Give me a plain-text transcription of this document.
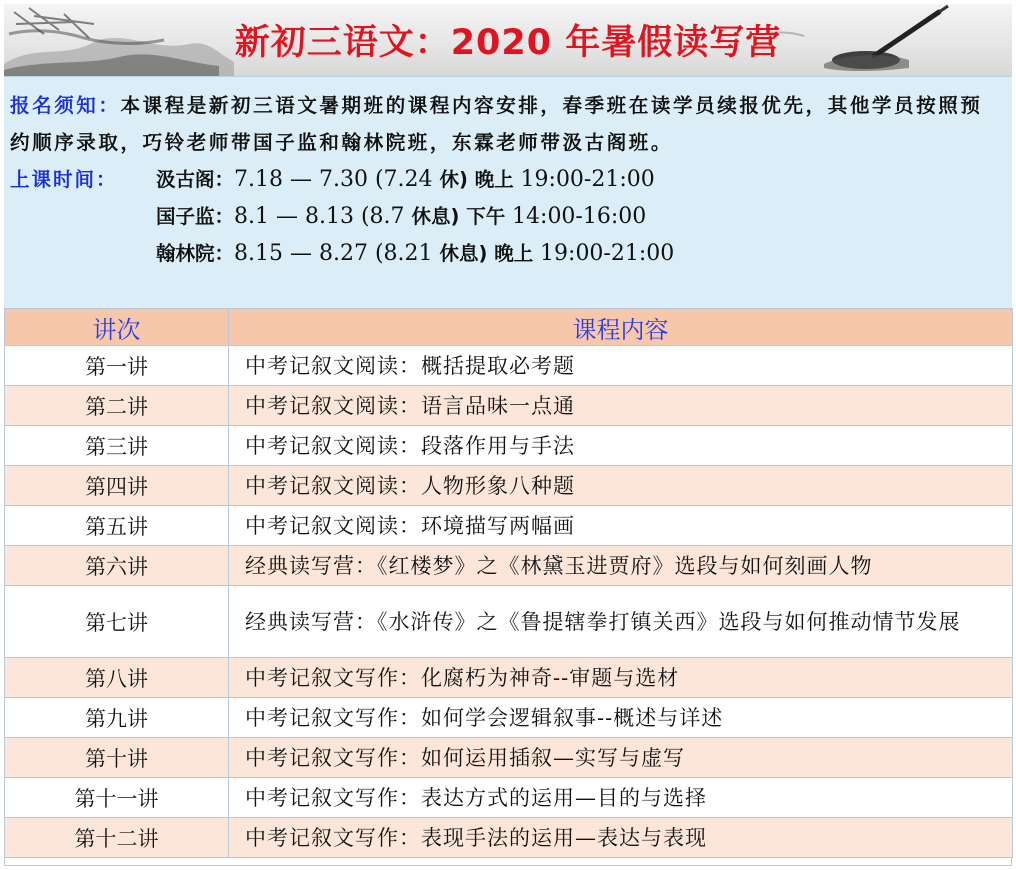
新初三语文：2020 年暑假读写营

报名须知：本课程是新初三语文暑期班的课程内容安排，春季班在读学员续报优先，其他学员按照预约顺序录取，巧铃老师带国子监和翰林院班，东霖老师带汲古阁班。

上课时间： 汲古阁：7.18 — 7.30 (7.24 休) 晚上 19:00-21:00
国子监：8.1 — 8.13 (8.7 休息) 下午 14:00-16:00
翰林院：8.15 — 8.27 (8.21 休息) 晚上 19:00-21:00
讲次	课程内容
第一讲	中考记叙文阅读：概括提取必考题
第二讲	中考记叙文阅读：语言品味一点通
第三讲	中考记叙文阅读：段落作用与手法
第四讲	中考记叙文阅读：人物形象八种题
第五讲	中考记叙文阅读：环境描写两幅画
第六讲	经典读写营：《红楼梦》之《林黛玉进贾府》选段与如何刻画人物
第七讲	经典读写营：《水浒传》之《鲁提辖拳打镇关西》选段与如何推动情节发展
第八讲	中考记叙文写作：化腐朽为神奇--审题与选材
第九讲	中考记叙文写作：如何学会逻辑叙事--概述与详述
第十讲	中考记叙文写作：如何运用插叙—实写与虚写
第十一讲	中考记叙文写作：表达方式的运用—目的与选择
第十二讲	中考记叙文写作：表现手法的运用—表达与表现
